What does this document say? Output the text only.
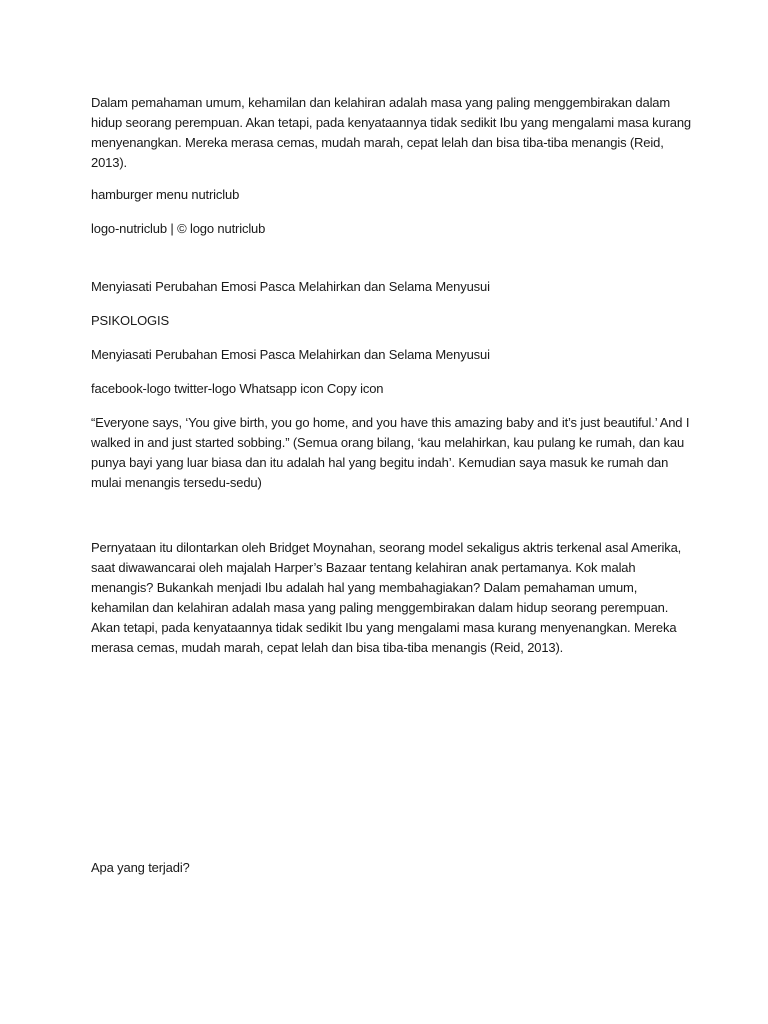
Dalam pemahaman umum, kehamilan dan kelahiran adalah masa yang paling menggembirakan dalam hidup seorang perempuan. Akan tetapi, pada kenyataannya tidak sedikit Ibu yang mengalami masa kurang menyenangkan. Mereka merasa cemas, mudah marah, cepat lelah dan bisa tiba-tiba menangis (Reid, 2013).

hamburger menu nutriclub

logo-nutriclub | © logo nutriclub

Menyiasati Perubahan Emosi Pasca Melahirkan dan Selama Menyusui

PSIKOLOGIS

Menyiasati Perubahan Emosi Pasca Melahirkan dan Selama Menyusui

facebook-logo twitter-logo Whatsapp icon Copy icon

“Everyone says, ‘You give birth, you go home, and you have this amazing baby and it’s just beautiful.’ And I walked in and just started sobbing.” (Semua orang bilang, ‘kau melahirkan, kau pulang ke rumah, dan kau punya bayi yang luar biasa dan itu adalah hal yang begitu indah’. Kemudian saya masuk ke rumah dan mulai menangis tersedu-sedu)

Pernyataan itu dilontarkan oleh Bridget Moynahan, seorang model sekaligus aktris terkenal asal Amerika, saat diwawancarai oleh majalah Harper’s Bazaar tentang kelahiran anak pertamanya. Kok malah menangis? Bukankah menjadi Ibu adalah hal yang membahagiakan? Dalam pemahaman umum, kehamilan dan kelahiran adalah masa yang paling menggembirakan dalam hidup seorang perempuan. Akan tetapi, pada kenyataannya tidak sedikit Ibu yang mengalami masa kurang menyenangkan. Mereka merasa cemas, mudah marah, cepat lelah dan bisa tiba-tiba menangis (Reid, 2013).

Apa yang terjadi?
